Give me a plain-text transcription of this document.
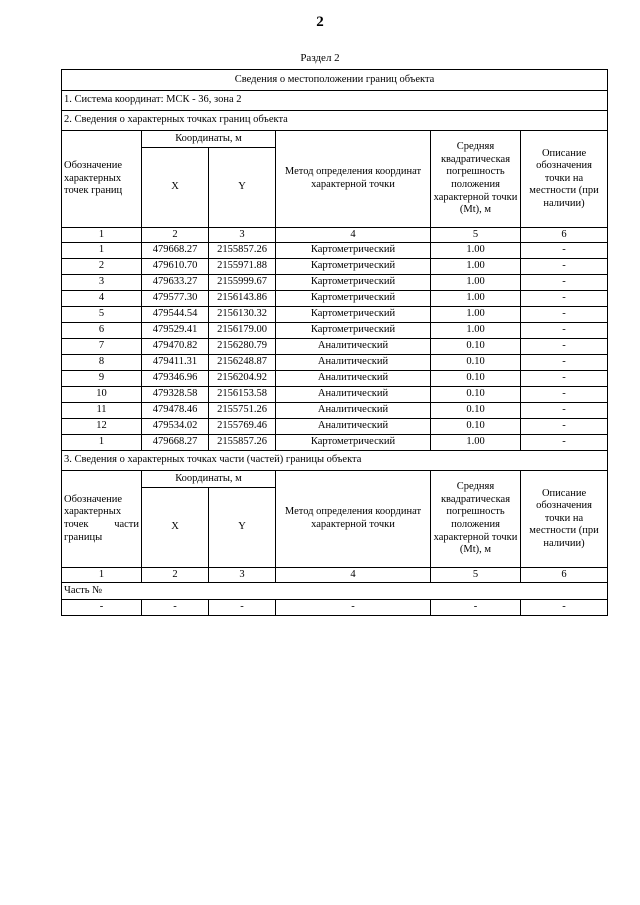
2
Раздел 2
Сведения о местоположении границ объекта					
1. Система координат: МСК - 36, зона 2					
2. Сведения о характерных точках границ объекта					
Обозначение характерных точек границ	Координаты, м		Метод определения координат характерной точки	Средняя квадратическая погрешность положения характерной точки (Mt), м	Описание обозначения точки на местности (при наличии)
	X	Y			
1	2	3	4	5	6
1	479668.27	2155857.26	Картометрический	1.00	-
2	479610.70	2155971.88	Картометрический	1.00	-
3	479633.27	2155999.67	Картометрический	1.00	-
4	479577.30	2156143.86	Картометрический	1.00	-
5	479544.54	2156130.32	Картометрический	1.00	-
6	479529.41	2156179.00	Картометрический	1.00	-
7	479470.82	2156280.79	Аналитический	0.10	-
8	479411.31	2156248.87	Аналитический	0.10	-
9	479346.96	2156204.92	Аналитический	0.10	-
10	479328.58	2156153.58	Аналитический	0.10	-
11	479478.46	2155751.26	Аналитический	0.10	-
12	479534.02	2155769.46	Аналитический	0.10	-
1	479668.27	2155857.26	Картометрический	1.00	-
3. Сведения о характерных точках части (частей) границы объекта					
Обозначение характерных точек части границы	Координаты, м		Метод определения координат характерной точки	Средняя квадратическая погрешность положения характерной точки (Mt), м	Описание обозначения точки на местности (при наличии)
	X	Y			
1	2	3	4	5	6
Часть №					
-	-	-	-	-	-
